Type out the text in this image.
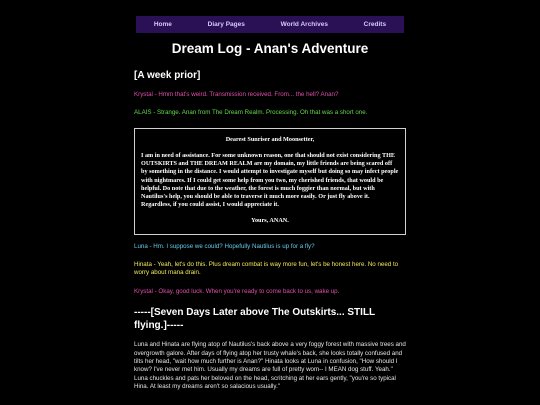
Home	Diary Pages	World Archives	Credits
Dream Log - Anan's Adventure
[A week prior]

Krystal - Hmm that's weird. Transmission received. From... the hell? Anan?

ALAIS - Strange. Anan from The Dream Realm. Processing. Oh that was a short one.

Dearest Sunriser and Moonsetter,
I am in need of assistance. For some unknown reason, one that should not exist considering THE OUTSKIRTS and THE DREAM REALM are my domain, my little friends are being scared off by something in the distance. I would attempt to investigate myself but doing so may infect people with nightmares. If I could get some help from you two, my cherished friends, that would be helpful. Do note that due to the weather, the forest is much foggier than normal, but with Nautilus's help, you should be able to traverse it much more easily. Or just fly above it. Regardless, if you could assist, I would appreciate it.
Yours, ANAN.

Luna - Hm. I suppose we could? Hopefully Nautilus is up for a fly?

Hinata - Yeah, let's do this. Plus dream combat is way more fun, let's be honest here. No need to worry about mana drain.

Krystal - Okay, good luck. When you're ready to come back to us, wake up.

-----[Seven Days Later above The Outskirts... STILL flying.]-----

Luna and Hinata are flying atop of Nautilus's back above a very foggy forest with massive trees and overgrowth galore. After days of flying atop her trusty whale's back, she looks totally confused and tilts her head, "wait how much further is Anan?" Hinata looks at Luna in confusion, "How should I know? I've never met him. Usually my dreams are full of pretty wom-- I MEAN dog stuff. Yeah." Luna chuckles and pats her beloved on the head, scritching at her ears gently, "you're so typical Hina. At least my dreams aren't so salacious usually."
